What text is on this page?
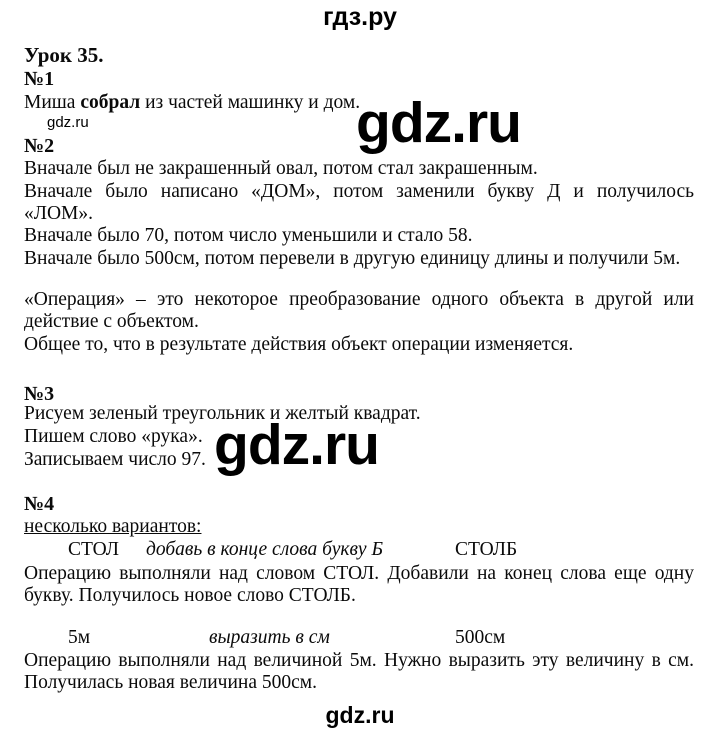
гдз.ру
Урок 35.
№1
Миша собрал из частей машинку и дом.
gdz.ru	gdz.ru
№2
Вначале был не закрашенный овал, потом стал закрашенным.
Вначале было написано «ДОМ», потом заменили букву Д и получилось
«ЛОМ».
Вначале было 70, потом число уменьшили и стало 58.
Вначале было 500см, потом перевели в другую единицу длины и получили 5м.
«Операция» – это некоторое преобразование одного объекта в другой или
действие с объектом.
Общее то, что в результате действия объект операции изменяется.
№3
Рисуем зеленый треугольник и желтый квадрат.
Пишем слово «рука».
Записываем число 97. gdz.ru
№4
несколько вариантов:
СТОЛ добавь в конце слова букву Б	СТОЛБ
Операцию выполняли над словом СТОЛ. Добавили на конец слова еще одну
букву. Получилось новое слово СТОЛБ.
5м	выразить в см	500см
Операцию выполняли над величиной 5м. Нужно выразить эту величину в см.
Получилась новая величина 500см.
gdz.ru
